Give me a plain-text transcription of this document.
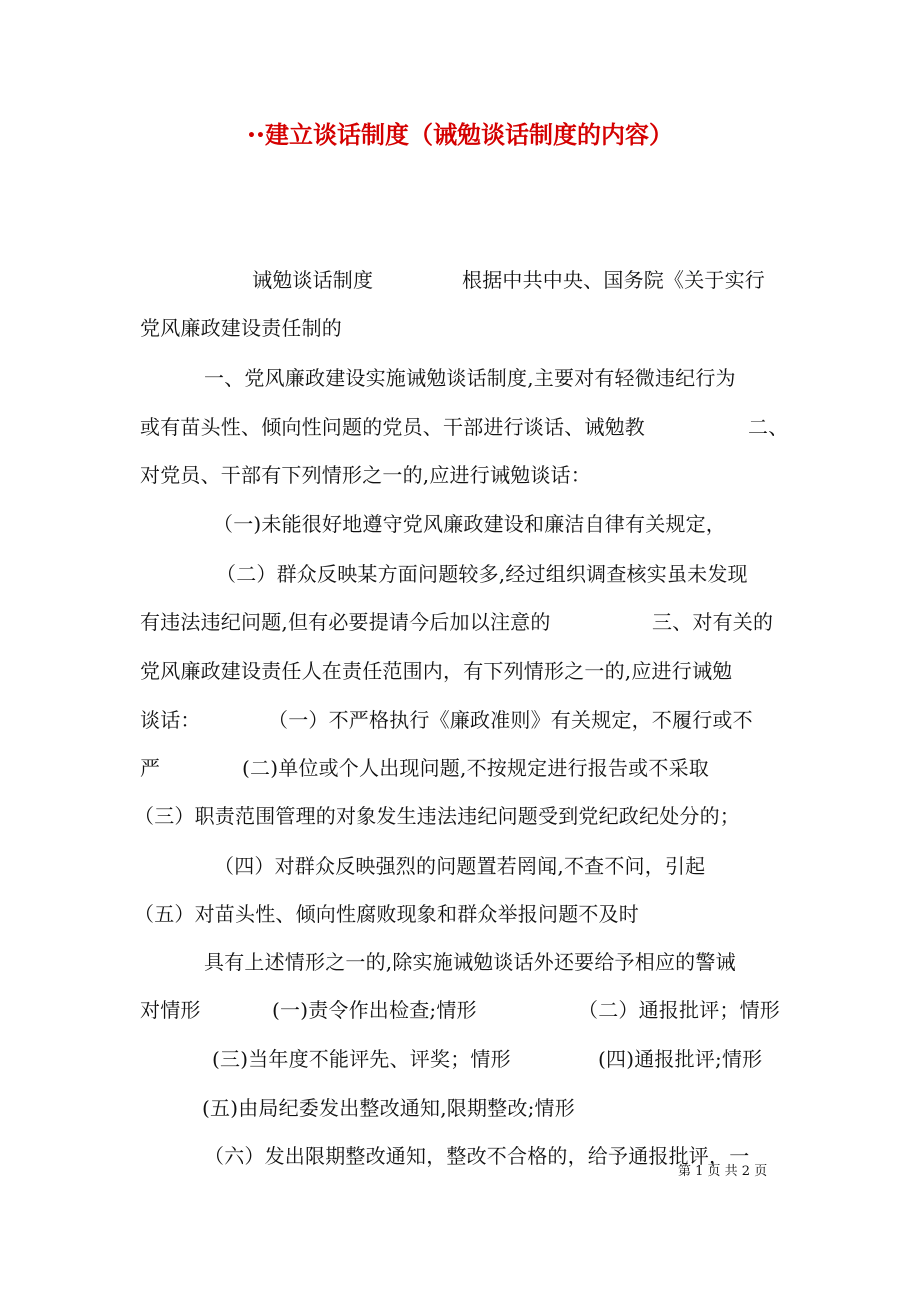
••建立谈话制度（诫勉谈话制度的内容）
诫勉谈话制度	根据中共中央、国务院《关于实行
党风廉政建设责任制的
一、党风廉政建设实施诫勉谈话制度,主要对有轻微违纪行为
或有苗头性、倾向性问题的党员、干部进行谈话、诫勉教	二、
对党员、干部有下列情形之一的,应进行诫勉谈话：
（一)未能很好地遵守党风廉政建设和廉洁自律有关规定，
（二）群众反映某方面问题较多,经过组织调查核实虽未发现
有违法违纪问题,但有必要提请今后加以注意的	三、对有关的
党风廉政建设责任人在责任范围内，有下列情形之一的,应进行诫勉
谈话：	（一）不严格执行《廉政准则》有关规定，不履行或不
严	(二)单位或个人出现问题,不按规定进行报告或不采取
（三）职责范围管理的对象发生违法违纪问题受到党纪政纪处分的；
（四）对群众反映强烈的问题置若罔闻,不查不问，引起
（五）对苗头性、倾向性腐败现象和群众举报问题不及时
具有上述情形之一的,除实施诫勉谈话外还要给予相应的警诫
对情形	(一)责令作出检查;情形	（二）通报批评；情形
(三)当年度不能评先、评奖；情形	(四)通报批评;情形
(五)由局纪委发出整改通知,限期整改;情形
（六）发出限期整改通知，整改不合格的，给予通报批评，一
第 1 页 共 2 页
